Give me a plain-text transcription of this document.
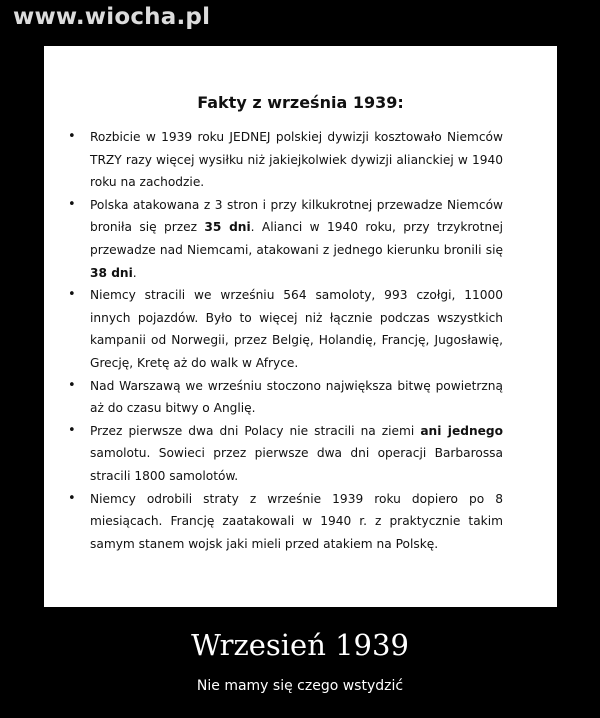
www.wiocha.pl
Fakty z września 1939:
• Rozbicie w 1939 roku JEDNEJ polskiej dywizji kosztowało Niemców TRZY razy więcej wysiłku niż jakiejkolwiek dywizji alianckiej w 1940 roku na zachodzie.
• Polska atakowana z 3 stron i przy kilkukrotnej przewadze Niemców broniła się przez 35 dni. Alianci w 1940 roku, przy trzykrotnej przewadze nad Niemcami, atakowani z jednego kierunku bronili się 38 dni.
• Niemcy stracili we wrześniu 564 samoloty, 993 czołgi, 11000 innych pojazdów. Było to więcej niż łącznie podczas wszystkich kampanii od Norwegii, przez Belgię, Holandię, Francję, Jugosławię, Grecję, Kretę aż do walk w Afryce.
• Nad Warszawą we wrześniu stoczono największa bitwę powietrzną aż do czasu bitwy o Anglię.
• Przez pierwsze dwa dni Polacy nie stracili na ziemi ani jednego samolotu. Sowieci przez pierwsze dwa dni operacji Barbarossa stracili 1800 samolotów.
• Niemcy odrobili straty z wrześnie 1939 roku dopiero po 8 miesiącach. Francję zaatakowali w 1940 r. z praktycznie takim samym stanem wojsk jaki mieli przed atakiem na Polskę.
Wrzesień 1939
Nie mamy się czego wstydzić
